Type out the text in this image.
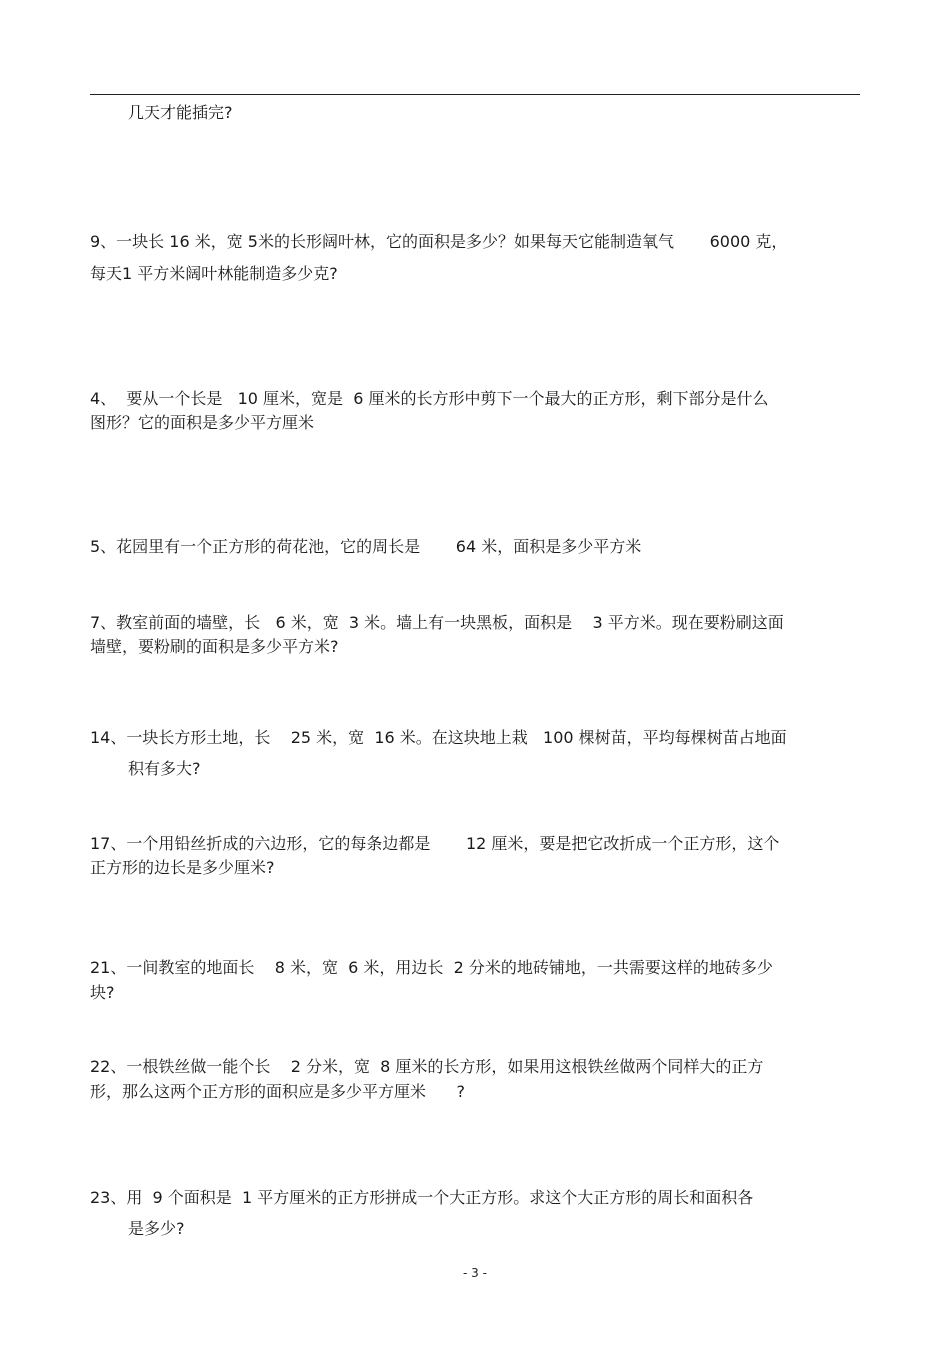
几天才能插完?
9、一块长 16 米，宽 5米的长形阔叶林，它的面积是多少？如果每天它能制造氧气       6000 克，
每天1 平方米阔叶林能制造多少克?
4、  要从一个长是   10 厘米，宽是  6 厘米的长方形中剪下一个最大的正方形，剩下部分是什么
图形？它的面积是多少平方厘米
5、花园里有一个正方形的荷花池，它的周长是       64 米，面积是多少平方米
7、教室前面的墙壁，长   6 米，宽  3 米。墙上有一块黑板，面积是    3 平方米。现在要粉刷这面
墙壁，要粉刷的面积是多少平方米?
14、一块长方形土地，长    25 米，宽  16 米。在这块地上栽   100 棵树苗，平均每棵树苗占地面
积有多大?
17、一个用铅丝折成的六边形，它的每条边都是       12 厘米，要是把它改折成一个正方形，这个
正方形的边长是多少厘米?
21、一间教室的地面长    8 米，宽  6 米，用边长  2 分米的地砖铺地，一共需要这样的地砖多少
块?
22、一根铁丝做一能个长    2 分米，宽  8 厘米的长方形，如果用这根铁丝做两个同样大的正方
形，那么这两个正方形的面积应是多少平方厘米      ?
23、用  9 个面积是  1 平方厘米的正方形拼成一个大正方形。求这个大正方形的周长和面积各
是多少?
- 3 -
